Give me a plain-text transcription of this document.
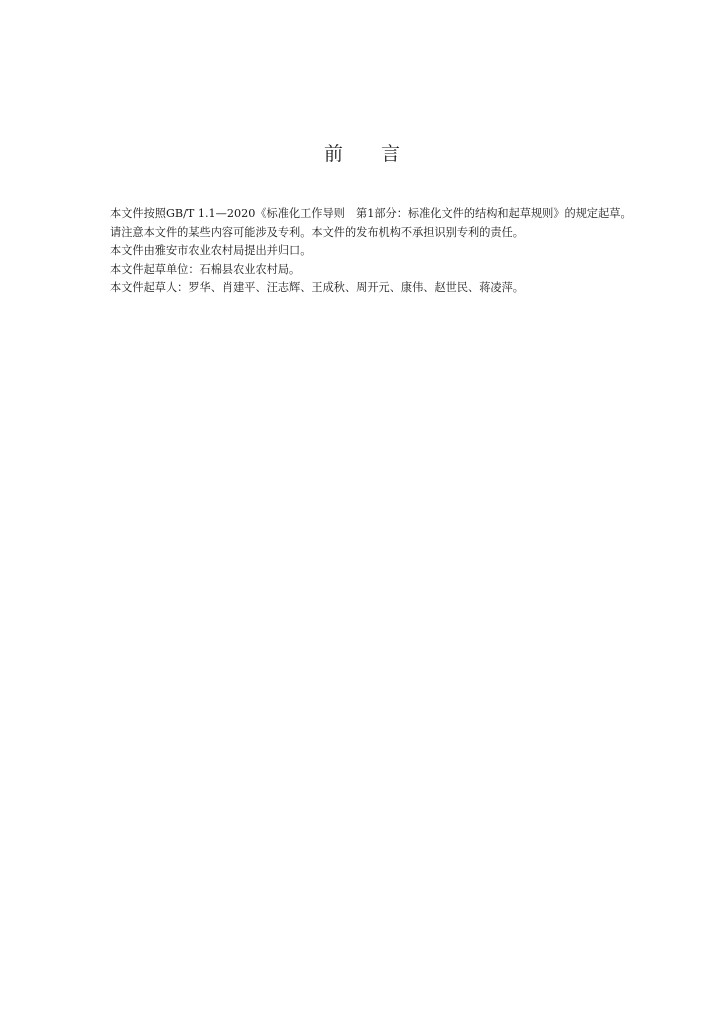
前 言

本文件按照GB/T 1.1—2020《标准化工作导则　第1部分：标准化文件的结构和起草规则》的规定起草。

请注意本文件的某些内容可能涉及专利。本文件的发布机构不承担识别专利的责任。

本文件由雅安市农业农村局提出并归口。

本文件起草单位：石棉县农业农村局。

本文件起草人：罗华、肖建平、汪志辉、王成秋、周开元、康伟、赵世民、蒋凌萍。
